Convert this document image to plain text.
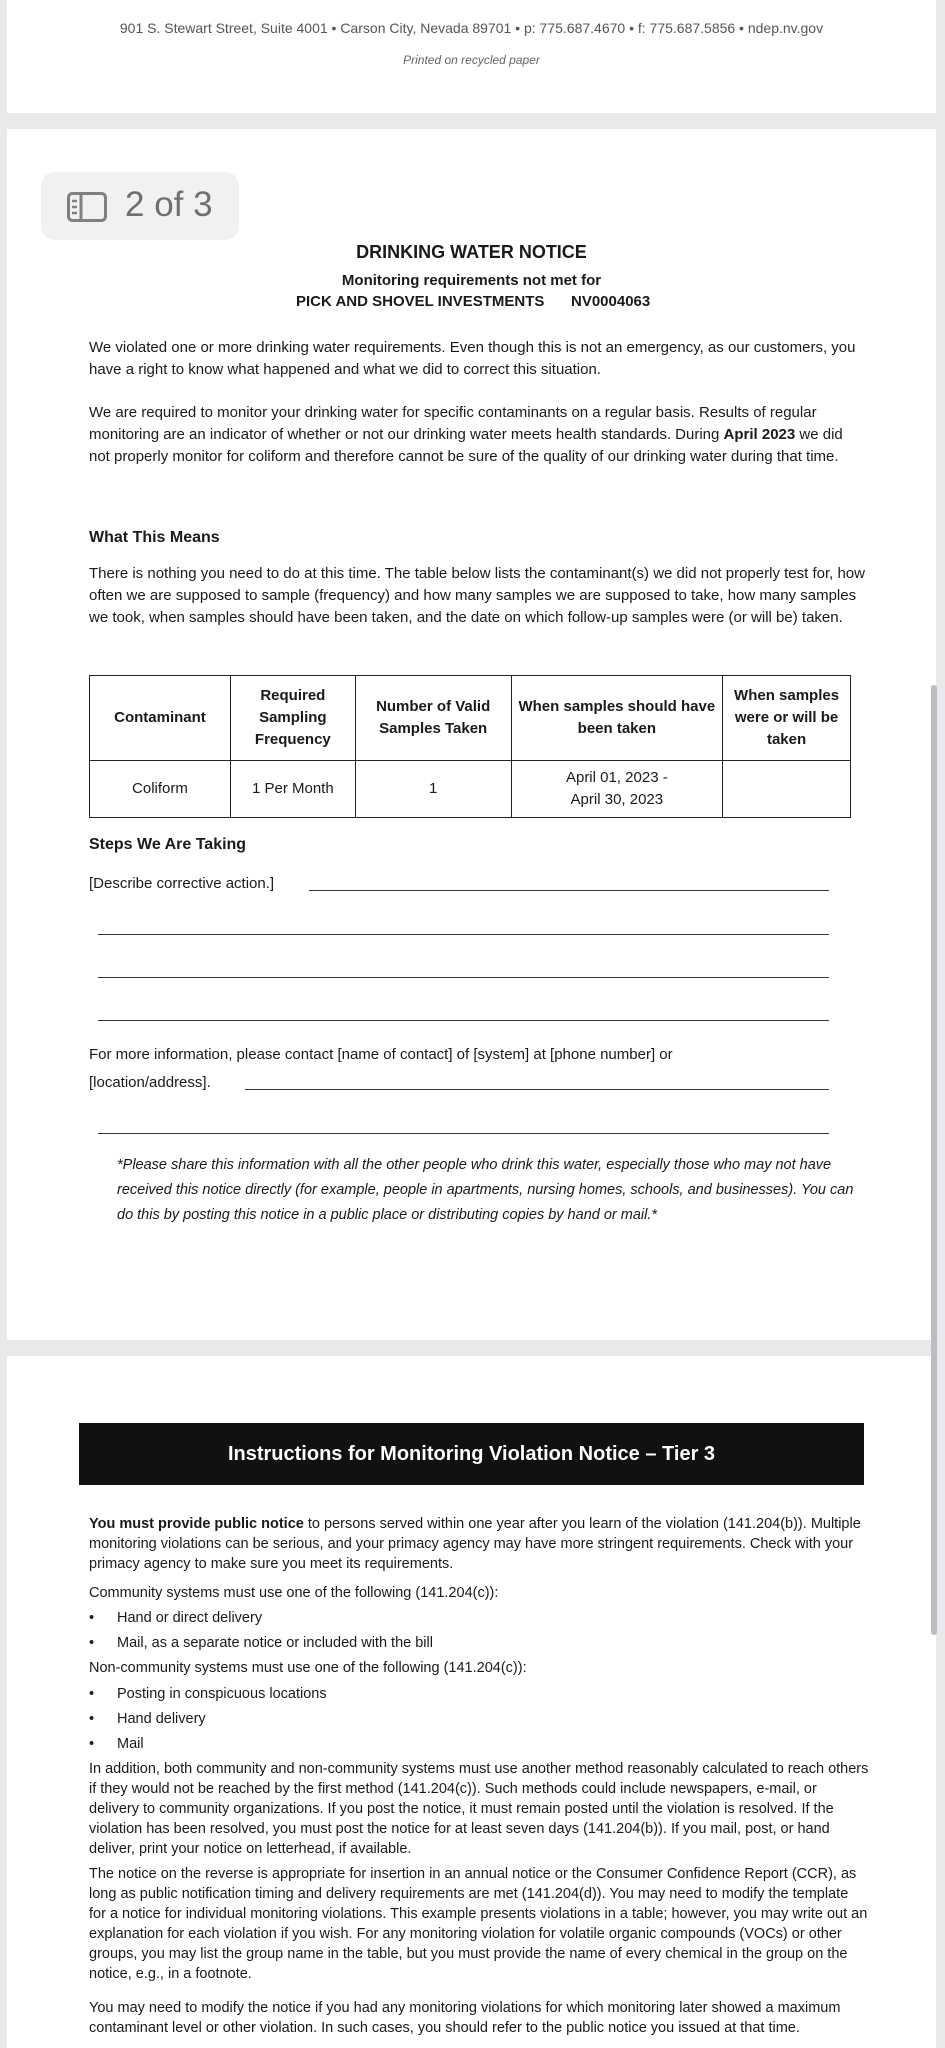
901 S. Stewart Street, Suite 4001 • Carson City, Nevada 89701 • p: 775.687.4670 • f: 775.687.5856 • ndep.nv.gov
Printed on recycled paper
2 of 3
DRINKING WATER NOTICE
Monitoring requirements not met for
PICK AND SHOVEL INVESTMENTS NV0004063

We violated one or more drinking water requirements. Even though this is not an emergency, as our customers, you have a right to know what happened and what we did to correct this situation.

We are required to monitor your drinking water for specific contaminants on a regular basis. Results of regular monitoring are an indicator of whether or not our drinking water meets health standards. During April 2023 we did not properly monitor for coliform and therefore cannot be sure of the quality of our drinking water during that time.

What This Means

There is nothing you need to do at this time. The table below lists the contaminant(s) we did not properly test for, how often we are supposed to sample (frequency) and how many samples we are supposed to take, how many samples we took, when samples should have been taken, and the date on which follow-up samples were (or will be) taken.

Contaminant	Required Sampling Frequency	Number of Valid Samples Taken	When samples should have been taken	When samples were or will be taken
Coliform	1 Per Month	1	April 01, 2023 -
April 30, 2023	
Steps We Are Taking
[Describe corrective action.]
For more information, please contact [name of contact] of [system] at [phone number] or
[location/address].

*Please share this information with all the other people who drink this water, especially those who may not have received this notice directly (for example, people in apartments, nursing homes, schools, and businesses). You can do this by posting this notice in a public place or distributing copies by hand or mail.*

Instructions for Monitoring Violation Notice – Tier 3

You must provide public notice to persons served within one year after you learn of the violation (141.204(b)). Multiple monitoring violations can be serious, and your primacy agency may have more stringent requirements. Check with your primacy agency to make sure you meet its requirements.

Community systems must use one of the following (141.204(c)):
• Hand or direct delivery
• Mail, as a separate notice or included with the bill
Non-community systems must use one of the following (141.204(c)):
• Posting in conspicuous locations
• Hand delivery
• Mail

In addition, both community and non-community systems must use another method reasonably calculated to reach others if they would not be reached by the first method (141.204(c)). Such methods could include newspapers, e-mail, or delivery to community organizations. If you post the notice, it must remain posted until the violation is resolved. If the violation has been resolved, you must post the notice for at least seven days (141.204(b)). If you mail, post, or hand deliver, print your notice on letterhead, if available.

The notice on the reverse is appropriate for insertion in an annual notice or the Consumer Confidence Report (CCR), as long as public notification timing and delivery requirements are met (141.204(d)). You may need to modify the template for a notice for individual monitoring violations. This example presents violations in a table; however, you may write out an explanation for each violation if you wish. For any monitoring violation for volatile organic compounds (VOCs) or other groups, you may list the group name in the table, but you must provide the name of every chemical in the group on the notice, e.g., in a footnote.

You may need to modify the notice if you had any monitoring violations for which monitoring later showed a maximum contaminant level or other violation. In such cases, you should refer to the public notice you issued at that time.
